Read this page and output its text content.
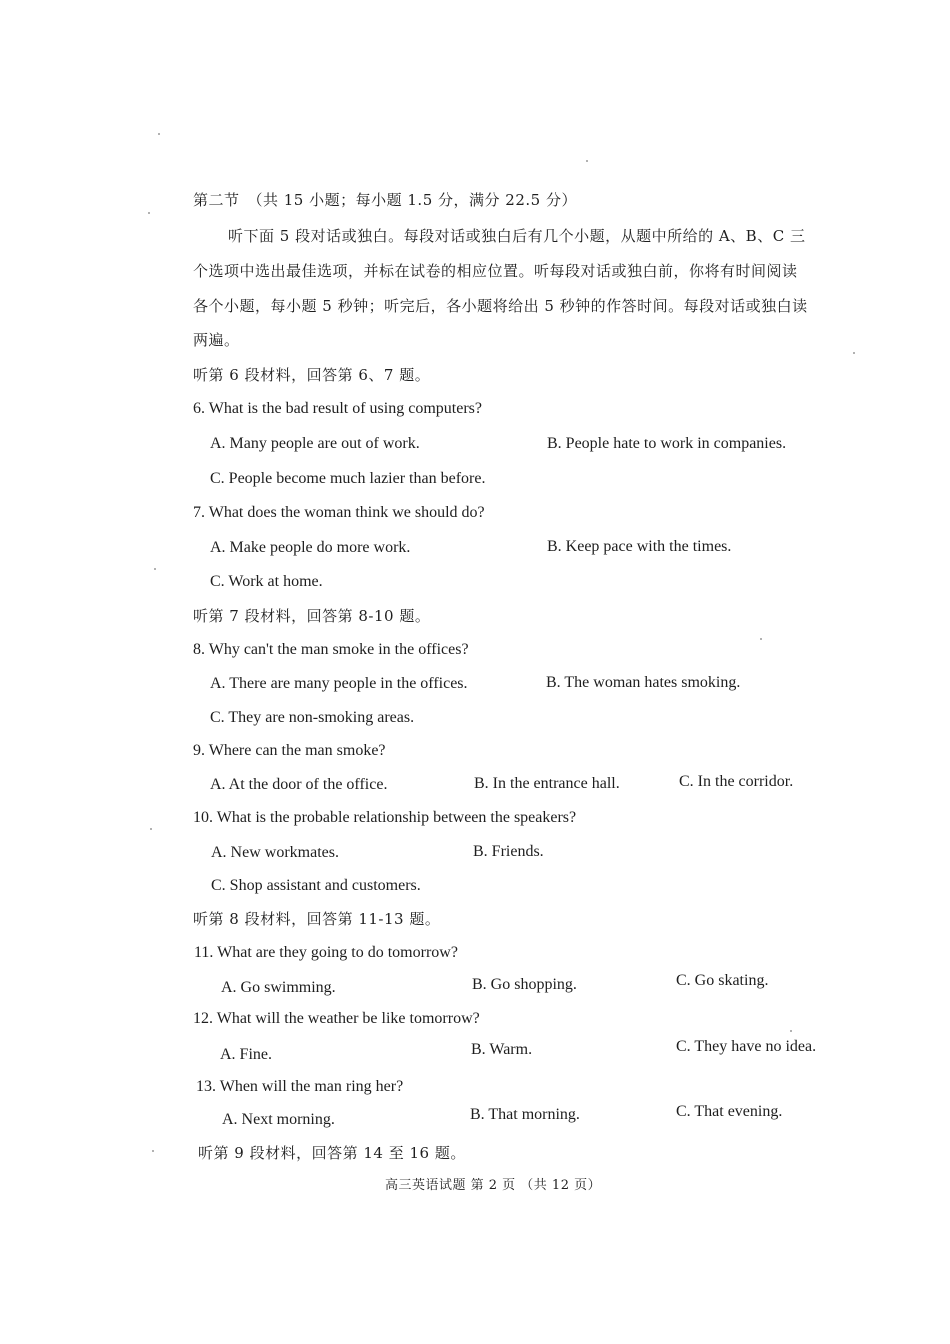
第二节　（共 15 小题；每小题 1.5 分，满分 22.5 分）
听下面 5 段对话或独白。每段对话或独白后有几个小题，从题中所给的 A、B、C 三
个选项中选出最佳选项，并标在试卷的相应位置。听每段对话或独白前，你将有时间阅读
各个小题，每小题 5 秒钟；听完后，各小题将给出 5 秒钟的作答时间。每段对话或独白读
两遍。
听第 6 段材料，回答第 6、7 题。
6. What is the bad result of using computers?
A. Many people are out of work.	B. People hate to work in companies.
C. People become much lazier than before.
7. What does the woman think we should do?
A. Make people do more work.	B. Keep pace with the times.
C. Work at home.
听第 7 段材料，回答第 8-10 题。
8. Why can't the man smoke in the offices?
A. There are many people in the offices.	B. The woman hates smoking.
C. They are non-smoking areas.
9. Where can the man smoke?
A. At the door of the office.	B. In the entrance hall.	C. In the corridor.
10. What is the probable relationship between the speakers?
A. New workmates.	B. Friends.
C. Shop assistant and customers.
听第 8 段材料，回答第 11-13 题。
11. What are they going to do tomorrow?
A. Go swimming.	B. Go shopping.	C. Go skating.
12. What will the weather be like tomorrow?
A. Fine.	B. Warm.	C. They have no idea.
13. When will the man ring her?
A. Next morning.	B. That morning.	C. That evening.
听第 9 段材料，回答第 14 至 16 题。
高三英语试题 第 2 页 （共 12 页）
